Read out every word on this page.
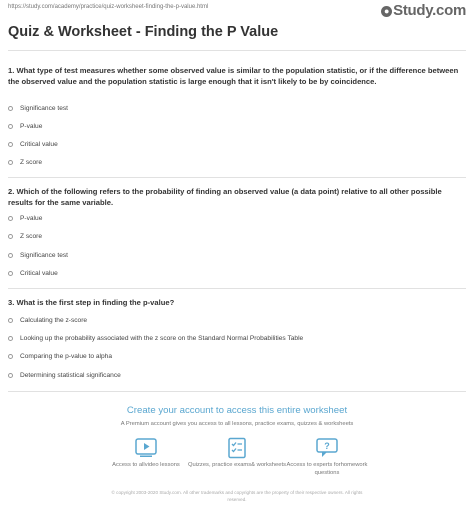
https://study.com/academy/practice/quiz-worksheet-finding-the-p-value.html	● Study.com
Quiz & Worksheet - Finding the P Value
1. What type of test measures whether some observed value is similar to the population statistic, or if the difference between the observed value and the population statistic is large enough that it isn't likely to be by coincidence.
Significance test
P-value
Critical value
Z score
2. Which of the following refers to the probability of finding an observed value (a data point) relative to all other possible results for the same variable.
P-value
Z score
Significance test
Critical value
3. What is the first step in finding the p-value?
Calculating the z-score
Looking up the probability associated with the z score on the Standard Normal Probabilities Table
Comparing the p-value to alpha
Determining statistical significance
Create your account to access this entire worksheet
A Premium account gives you access to all lessons, practice exams, quizzes & worksheets
Access to allvideo lessons	Quizzes, practice exams& worksheets
?
Access to experts forhomework questions
© copyright 2003-2020 Study.com. All other trademarks and copyrights are the property of their respective owners. All rights
reserved.
